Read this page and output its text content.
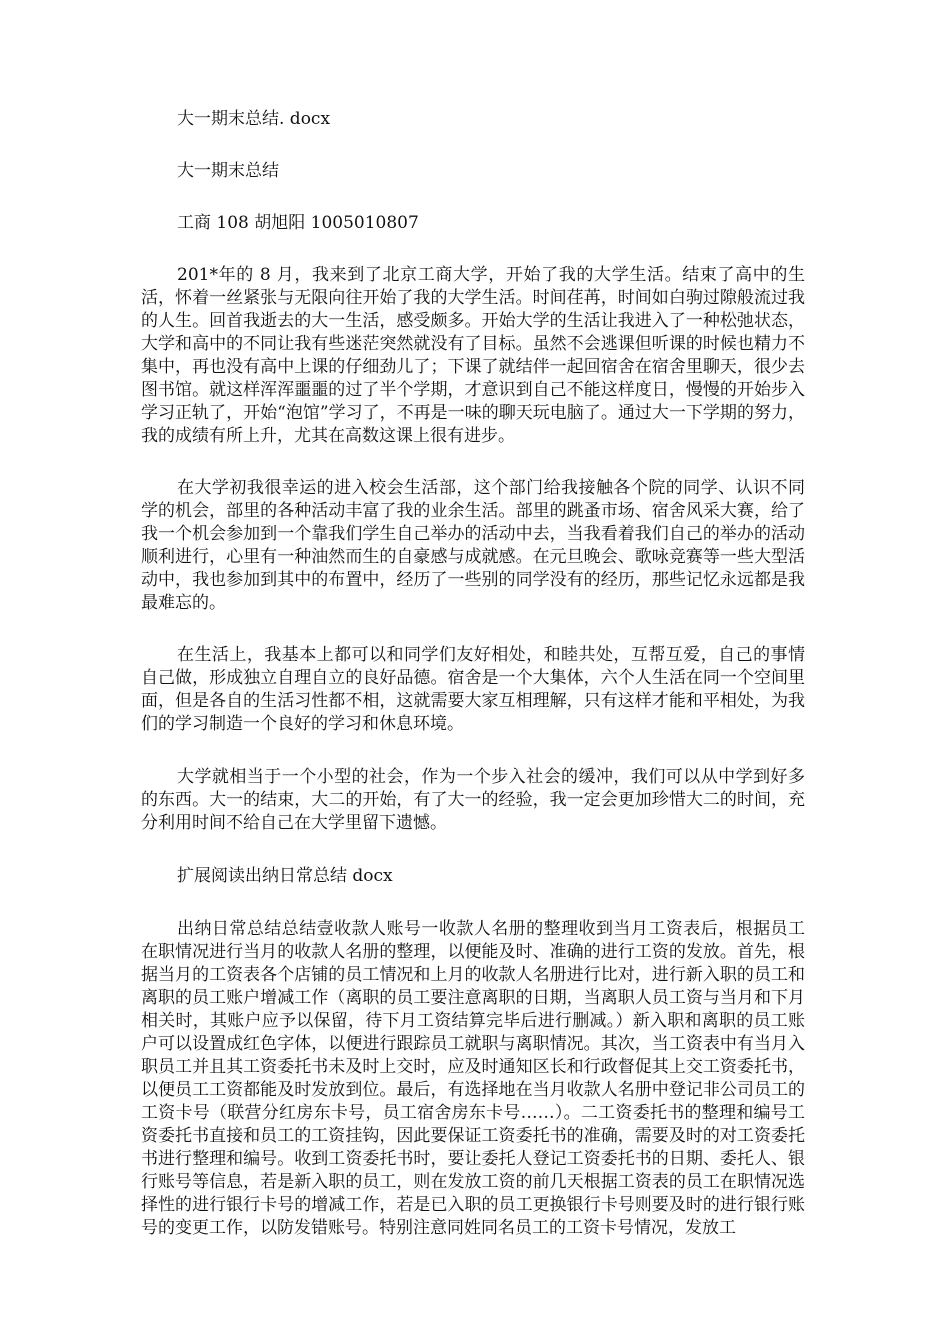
大一期末总结. docx

大一期末总结

工商 108 胡旭阳 1005010807

201*年的 8 月，我来到了北京工商大学，开始了我的大学生活。结束了高中的生活，怀着一丝紧张与无限向往开始了我的大学生活。时间荏苒，时间如白驹过隙般流过我的人生。回首我逝去的大一生活，感受颇多。开始大学的生活让我进入了一种松弛状态，大学和高中的不同让我有些迷茫突然就没有了目标。虽然不会逃课但听课的时候也精力不集中，再也没有高中上课的仔细劲儿了；下课了就结伴一起回宿舍在宿舍里聊天，很少去图书馆。就这样浑浑噩噩的过了半个学期，才意识到自己不能这样度日，慢慢的开始步入学习正轨了，开始“泡馆”学习了，不再是一味的聊天玩电脑了。通过大一下学期的努力，我的成绩有所上升，尤其在高数这课上很有进步。

在大学初我很幸运的进入校会生活部，这个部门给我接触各个院的同学、认识不同学的机会，部里的各种活动丰富了我的业余生活。部里的跳蚤市场、宿舍风采大赛，给了我一个机会参加到一个靠我们学生自己举办的活动中去，当我看着我们自己的举办的活动顺利进行，心里有一种油然而生的自豪感与成就感。在元旦晚会、歌咏竞赛等一些大型活动中，我也参加到其中的布置中，经历了一些别的同学没有的经历，那些记忆永远都是我最难忘的。

在生活上，我基本上都可以和同学们友好相处，和睦共处，互帮互爱，自己的事情自己做，形成独立自理自立的良好品德。宿舍是一个大集体，六个人生活在同一个空间里面，但是各自的生活习性都不相，这就需要大家互相理解，只有这样才能和平相处，为我们的学习制造一个良好的学习和休息环境。

大学就相当于一个小型的社会，作为一个步入社会的缓冲，我们可以从中学到好多的东西。大一的结束，大二的开始，有了大一的经验，我一定会更加珍惜大二的时间，充分利用时间不给自己在大学里留下遗憾。

扩展阅读出纳日常总结 docx

出纳日常总结总结壹收款人账号一收款人名册的整理收到当月工资表后，根据员工在职情况进行当月的收款人名册的整理，以便能及时、准确的进行工资的发放。首先，根据当月的工资表各个店铺的员工情况和上月的收款人名册进行比对，进行新入职的员工和离职的员工账户增减工作（离职的员工要注意离职的日期，当离职人员工资与当月和下月相关时，其账户应予以保留，待下月工资结算完毕后进行删减。）新入职和离职的员工账户可以设置成红色字体，以便进行跟踪员工就职与离职情况。其次，当工资表中有当月入职员工并且其工资委托书未及时上交时，应及时通知区长和行政督促其上交工资委托书，以便员工工资都能及时发放到位。最后，有选择地在当月收款人名册中登记非公司员工的工资卡号（联营分红房东卡号，员工宿舍房东卡号……）。二工资委托书的整理和编号工资委托书直接和员工的工资挂钩，因此要保证工资委托书的准确，需要及时的对工资委托书进行整理和编号。收到工资委托书时，要让委托人登记工资委托书的日期、委托人、银行账号等信息，若是新入职的员工，则在发放工资的前几天根据工资表的员工在职情况选择性的进行银行卡号的增减工作，若是已入职的员工更换银行卡号则要及时的进行银行账号的变更工作，以防发错账号。特别注意同姓同名员工的工资卡号情况，发放工
